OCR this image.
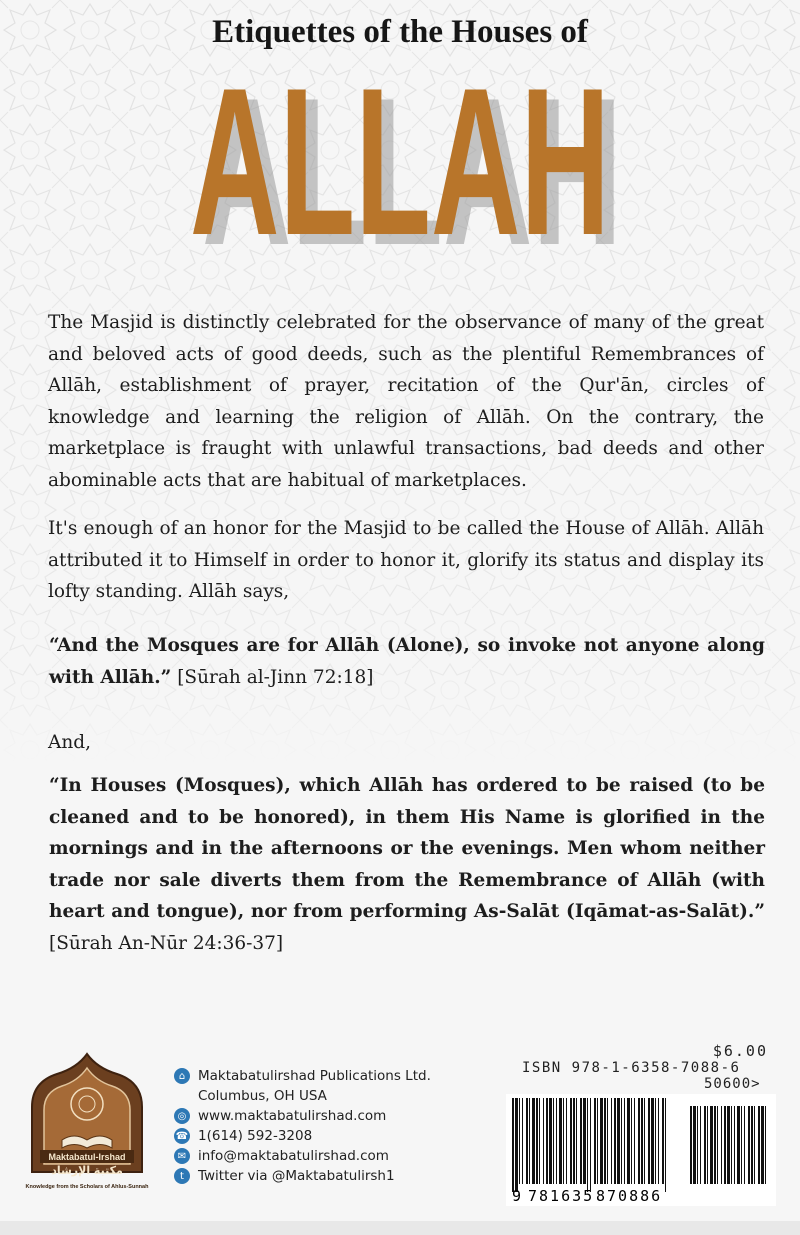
Etiquettes of the Houses of
ALLAH
ALLAH
The Masjid is distinctly celebrated for the observance of many of the great and beloved acts of good deeds, such as the plentiful Remembrances of Allāh, establishment of prayer, recitation of the Qur'ān, circles of knowledge and learning the religion of Allāh. On the contrary, the marketplace is fraught with unlawful transactions, bad deeds and other abominable acts that are habitual of marketplaces.
It's enough of an honor for the Masjid to be called the House of Allāh. Allāh attributed it to Himself in order to honor it, glorify its status and display its lofty standing. Allāh says,
“And the Mosques are for Allāh (Alone), so invoke not anyone along with Allāh.” [Sūrah al-Jinn 72:18]
And,
“In Houses (Mosques), which Allāh has ordered to be raised (to be cleaned and to be honored), in them His Name is glorified in the mornings and in the afternoons or the evenings. Men whom neither trade nor sale diverts them from the Remembrance of Allāh (with heart and tongue), nor from performing As-Salāt (Iqāmat-as-Salāt).” [Sūrah An-Nūr 24:36-37]
Maktabatul-Irshad
مكتبة الإرشاد
Knowledge from the Scholars of Ahlus-Sunnah
⌂ Maktabatulirshad Publications Ltd.
Columbus, OH USA
◎ www.maktabatulirshad.com
☎ 1(614) 592-3208
✉ info@maktabatulirshad.com
t	Twitter via @Maktabatulirsh1
$6.00
ISBN 978-1-6358-7088-6
50600>
9 781635 870886
